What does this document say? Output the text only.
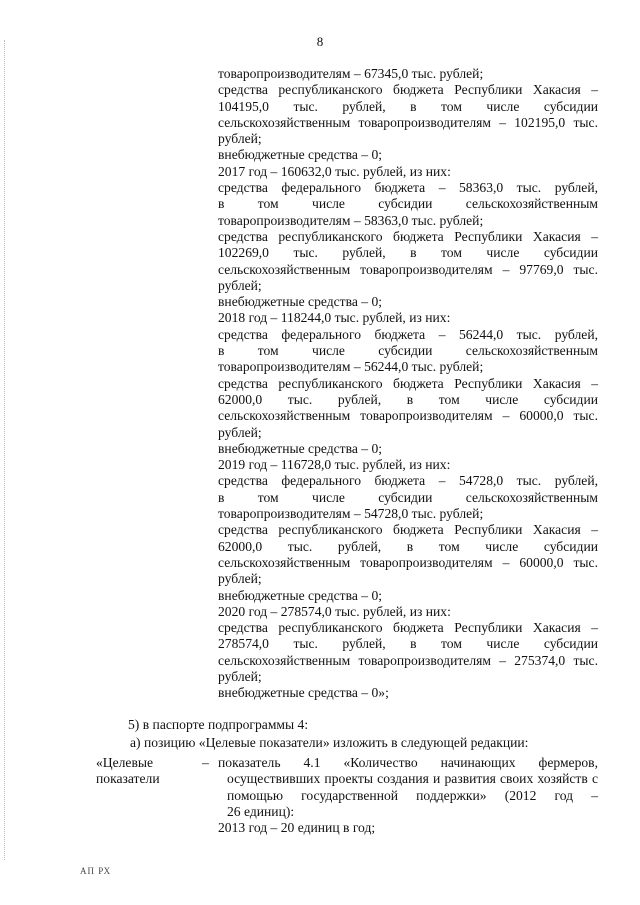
8
товаропроизводителям – 67345,0 тыс. рублей;
средства республиканского бюджета Республики Хакасия –
104195,0 тыс. рублей, в том числе субсидии
сельскохозяйственным товаропроизводителям – 102195,0 тыс.
рублей;
внебюджетные средства – 0;
2017 год – 160632,0 тыс. рублей, из них:
средства федерального бюджета – 58363,0 тыс. рублей,
в том числе субсидии сельскохозяйственным
товаропроизводителям – 58363,0 тыс. рублей;
средства республиканского бюджета Республики Хакасия –
102269,0 тыс. рублей, в том числе субсидии
сельскохозяйственным товаропроизводителям – 97769,0 тыс.
рублей;
внебюджетные средства – 0;
2018 год – 118244,0 тыс. рублей, из них:
средства федерального бюджета – 56244,0 тыс. рублей,
в том числе субсидии сельскохозяйственным
товаропроизводителям – 56244,0 тыс. рублей;
средства республиканского бюджета Республики Хакасия –
62000,0 тыс. рублей, в том числе субсидии
сельскохозяйственным товаропроизводителям – 60000,0 тыс.
рублей;
внебюджетные средства – 0;
2019 год – 116728,0 тыс. рублей, из них:
средства федерального бюджета – 54728,0 тыс. рублей,
в том числе субсидии сельскохозяйственным
товаропроизводителям – 54728,0 тыс. рублей;
средства республиканского бюджета Республики Хакасия –
62000,0 тыс. рублей, в том числе субсидии
сельскохозяйственным товаропроизводителям – 60000,0 тыс.
рублей;
внебюджетные средства – 0;
2020 год – 278574,0 тыс. рублей, из них:
средства республиканского бюджета Республики Хакасия –
278574,0 тыс. рублей, в том числе субсидии
сельскохозяйственным товаропроизводителям – 275374,0 тыс.
рублей;
внебюджетные средства – 0»;
5) в паспорте подпрограммы 4:
а) позицию «Целевые показатели» изложить в следующей редакции:
«Целевые
показатели
– показатель 4.1 «Количество начинающих фермеров,
осуществивших проекты создания и развития своих хозяйств с
помощью государственной поддержки» (2012 год –
26 единиц):
2013 год – 20 единиц в год;
АП РХ
